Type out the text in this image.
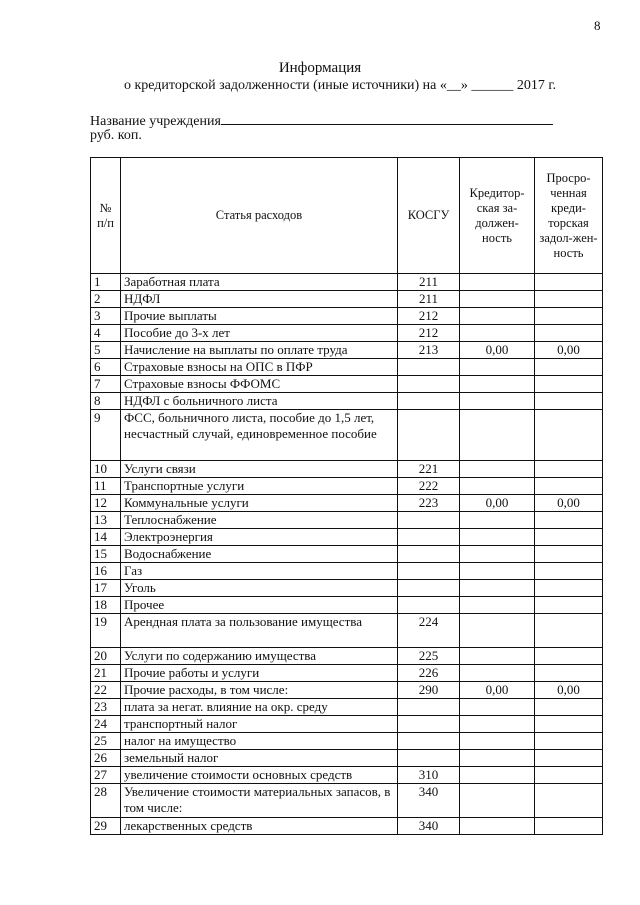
8
Информация
о кредиторской задолженности (иные источники) на «__» ______ 2017 г.
Название учреждения
руб. коп.
№ п/п	Статья расходов	КОСГУ	Кредитор-ская за-должен-ность	Просро-ченная креди-торская задол-жен-ность
1	Заработная плата	211		
2	НДФЛ	211		
3	Прочие выплаты	212		
4	Пособие до 3-х лет	212		
5	Начисление на выплаты по оплате труда	213	0,00	0,00
6	Страховые взносы на ОПС в ПФР			
7	Страховые взносы ФФОМС			
8	НДФЛ с больничного листа			
9	ФСС, больничного листа, пособие до 1,5 лет, несчастный случай, единовременное пособие			
10	Услуги связи	221		
11	Транспортные услуги	222		
12	Коммунальные услуги	223	0,00	0,00
13	Теплоснабжение			
14	Электроэнергия			
15	Водоснабжение			
16	Газ			
17	Уголь			
18	Прочее			
19	Арендная плата за пользование имущества	224		
20	Услуги по содержанию имущества	225		
21	Прочие работы и услуги	226		
22	Прочие расходы, в том числе:	290	0,00	0,00
23	плата за негат. влияние на окр. среду			
24	транспортный налог			
25	налог на имущество			
26	земельный налог			
27	увеличение стоимости основных средств	310		
28	Увеличение стоимости материальных запасов, в том числе:	340		
29	лекарственных средств	340		
